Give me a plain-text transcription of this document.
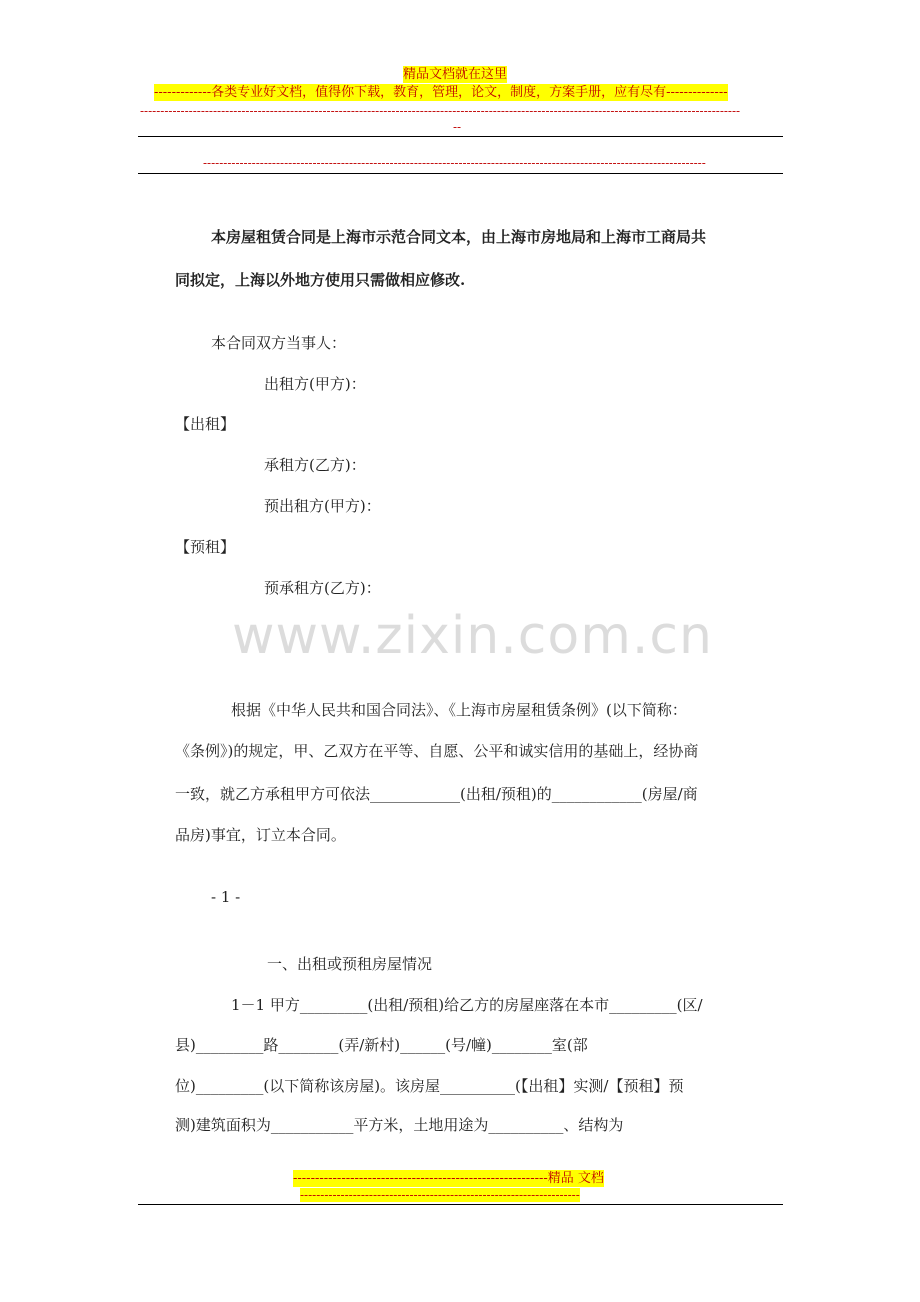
精品文档就在这里
-------------各类专业好文档，值得你下载，教育，管理，论文，制度，方案手册，应有尽有--------------
----------------------------------------------------------------------------------------------------------------------------------------------------
--
----------------------------------------------------------------------------------------------------------------------------
本房屋租赁合同是上海市示范合同文本，由上海市房地局和上海市工商局共
同拟定，上海以外地方使用只需做相应修改.
本合同双方当事人：
出租方(甲方)：
【出租】
承租方(乙方)：
预出租方(甲方)：
【预租】
预承租方(乙方)：
www.zixin.com.cn
根据《中华人民共和国合同法》、《上海市房屋租赁条例》(以下简称：
《条例》)的规定，甲、乙双方在平等、自愿、公平和诚实信用的基础上，经协商
一致，就乙方承租甲方可依法____________(出租/预租)的____________(房屋/商
品房)事宜，订立本合同。
- 1 -
一、出租或预租房屋情况
1－1 甲方_________(出租/预租)给乙方的房屋座落在本市_________(区/
县)_________路________(弄/新村)______(号/幢)________室(部
位)_________(以下简称该房屋)。该房屋__________(【出租】实测/【预租】预
测)建筑面积为___________平方米，土地用途为__________、结构为
----------------------------------------------------------精品 文档
---------------------------------------------------------------------
